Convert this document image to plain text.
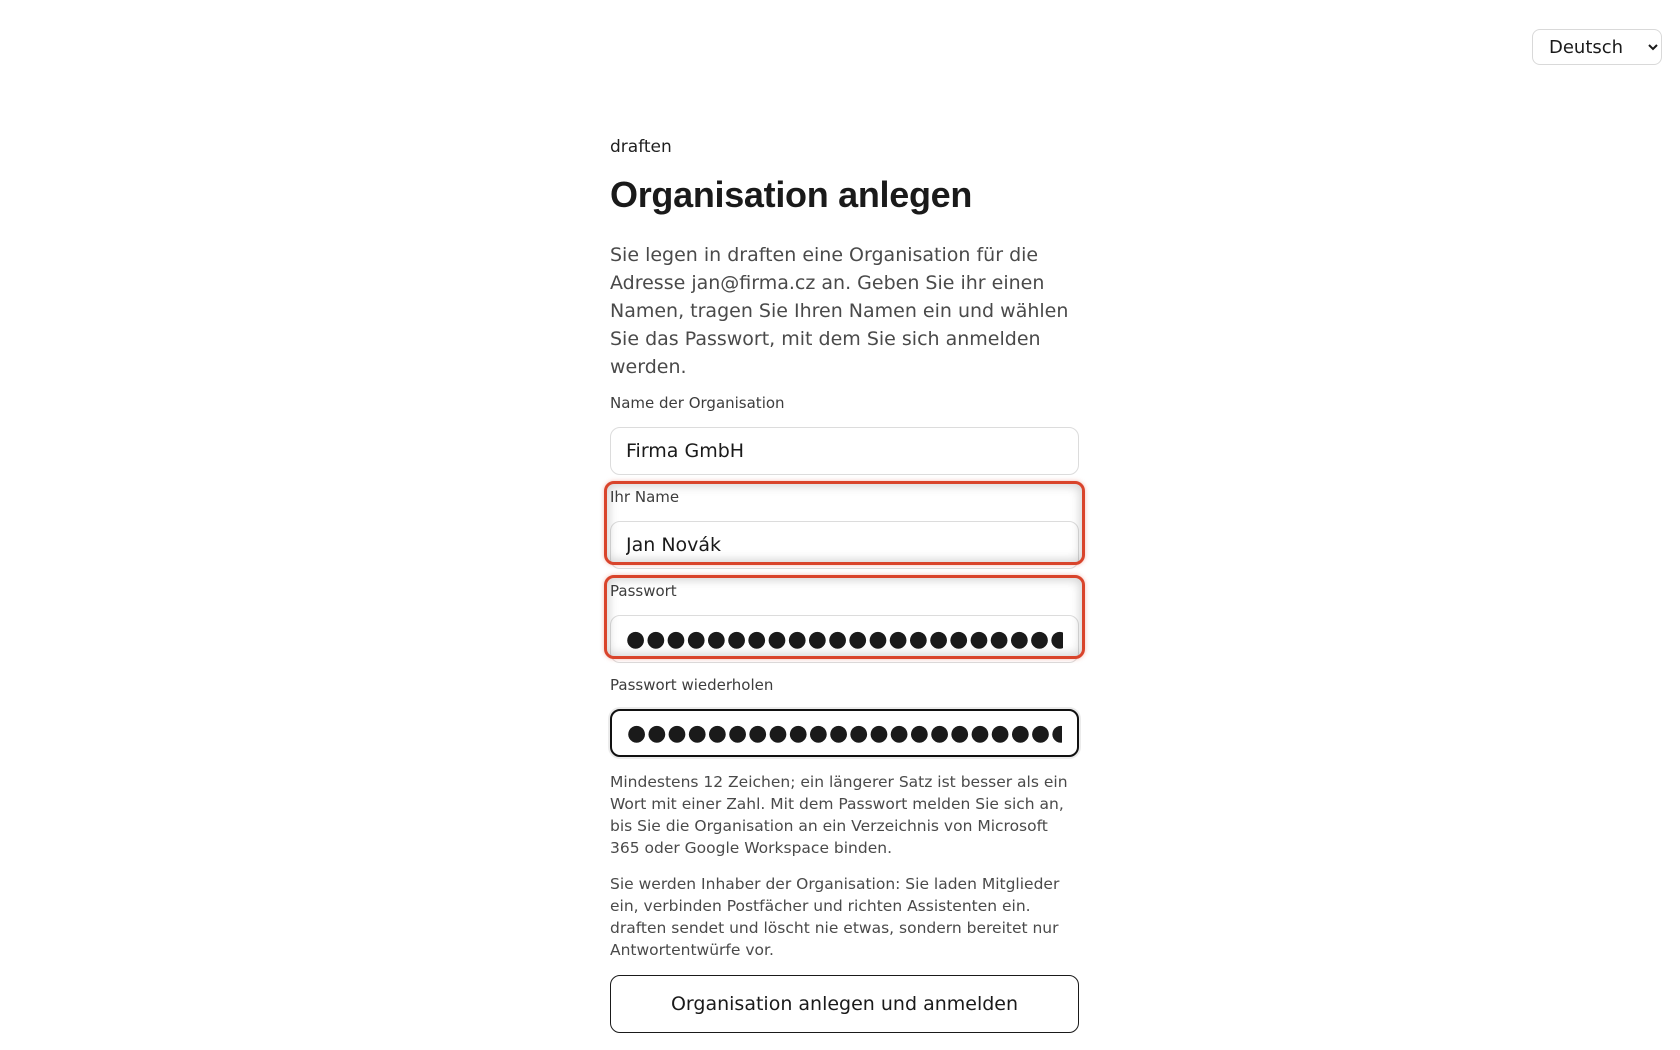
Deutsch
draften
Organisation anlegen

Sie legen in draften eine Organisation für die Adresse jan@firma.cz an. Geben Sie ihr einen Namen, tragen Sie Ihren Namen ein und wählen Sie das Passwort, mit dem Sie sich anmelden werden.

Name der Organisation
Firma GmbH
Ihr Name
Jan Novák
Passwort
●●●●●●●●●●●●●●●●●●●●●●●●●●●●●●●●
Passwort wiederholen
●●●●●●●●●●●●●●●●●●●●●●●●●●●●●●●●

Mindestens 12 Zeichen; ein längerer Satz ist besser als ein Wort mit einer Zahl. Mit dem Passwort melden Sie sich an, bis Sie die Organisation an ein Verzeichnis von Microsoft 365 oder Google Workspace binden.

Sie werden Inhaber der Organisation: Sie laden Mitglieder ein, verbinden Postfächer und richten Assistenten ein. draften sendet und löscht nie etwas, sondern bereitet nur Antwortentwürfe vor.

Organisation anlegen und anmelden
